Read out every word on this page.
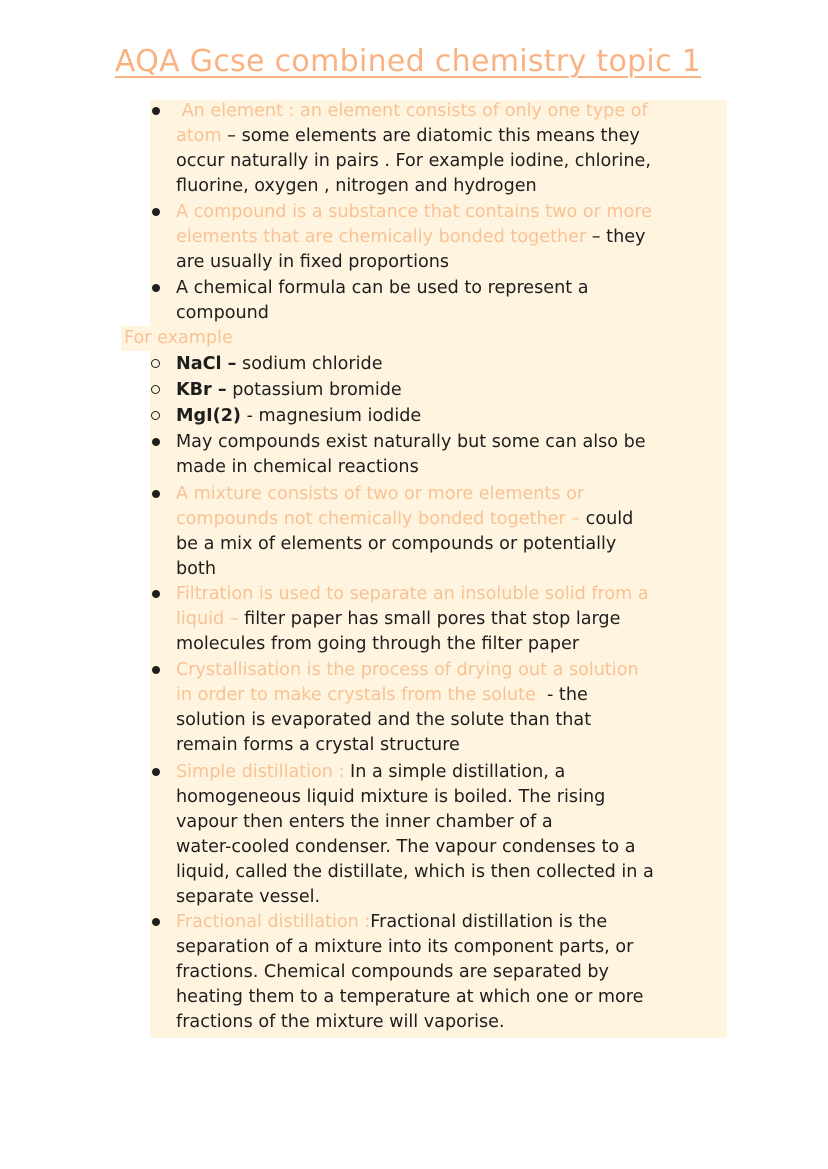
AQA Gcse combined chemistry topic 1
For example
An element : an element consists of only one type of
atom – some elements are diatomic this means they
occur naturally in pairs . For example iodine, chlorine,
fluorine, oxygen , nitrogen and hydrogen
A compound is a substance that contains two or more
elements that are chemically bonded together – they
are usually in fixed proportions
A chemical formula can be used to represent a
compound
NaCl – sodium chloride
KBr – potassium bromide
MgI(2) - magnesium iodide
May compounds exist naturally but some can also be
made in chemical reactions
A mixture consists of two or more elements or
compounds not chemically bonded together – could
be a mix of elements or compounds or potentially
both
Filtration is used to separate an insoluble solid from a
liquid – filter paper has small pores that stop large
molecules from going through the filter paper
Crystallisation is the process of drying out a solution
in order to make crystals from the solute  - the
solution is evaporated and the solute than that
remain forms a crystal structure
Simple distillation : In a simple distillation, a
homogeneous liquid mixture is boiled. The rising
vapour then enters the inner chamber of a
water-cooled condenser. The vapour condenses to a
liquid, called the distillate, which is then collected in a
separate vessel.
Fractional distillation :Fractional distillation is the
separation of a mixture into its component parts, or
fractions. Chemical compounds are separated by
heating them to a temperature at which one or more
fractions of the mixture will vaporise.
